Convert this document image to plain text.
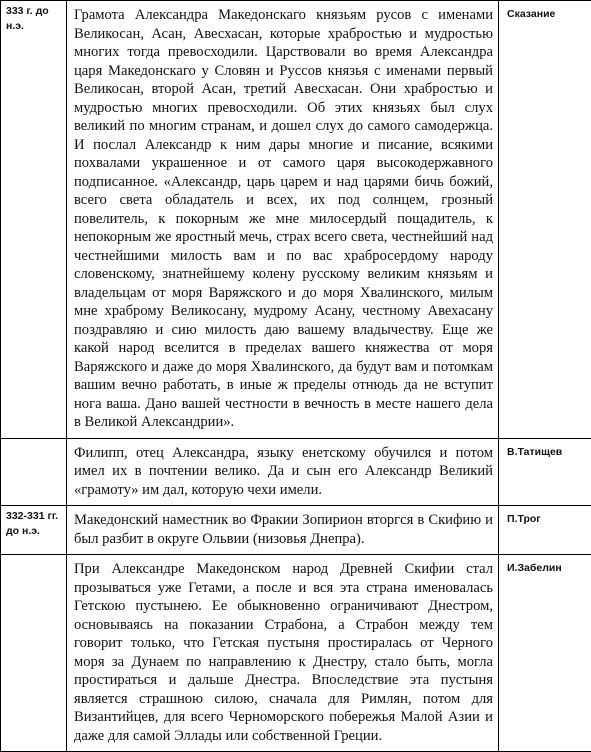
333 г. до н.э.	Грамота Александра Македонскаго князьям русов с именами Великосан, Асан, Авесхасан, которые храбростью и мудростью многих тогда превосходили. Царствовали во время Александра царя Македонскаго у Словян и Руссов князья с именами первый Великосан, второй Асан, третий Авесхасан. Они храбростью и мудростью многих превосходили. Об этих князьях был слух великий по многим странам, и дошел слух до самого самодержца. И послал Александр к ним дары многие и писание, всякими похвалами украшенное и от самого царя высокодержавного подписанное. «Александр, царь царем и над царями бичь божий, всего света обладатель и всех, их под солнцем, грозный повелитель, к покорным же мне милосердый пощадитель, к непокорным же яростный мечь, страх всего света, честнейший над честнейшими милость вам и по вас храбросердому народу словенскому, знатнейшему колену русскому великим князьям и владельцам от моря Варяжского и до моря Хвалинского, милым мне храброму Великосану, мудрому Асану, честному Авехасану поздравляю и сию милость даю вашему владычеству. Еще же какой народ вселится в пределах вашего княжества от моря Варяжского и даже до моря Хвалинского, да будут вам и потомкам вашим вечно работать, в иные ж пределы отнюдь да не вступит нога ваша. Дано вашей честности в вечность в месте нашего дела в Великой Александрии».	Сказание
	Филипп, отец Александра, языку енетскому обучился и потом имел их в почтении велико. Да и сын его Александр Великий «грамоту» им дал, которую чехи имели.	В.Татищев
332-331 гг. до н.э.	Македонский наместник во Фракии Зопирион вторгся в Скифию и был разбит в округе Ольвии (низовья Днепра).	П.Трог
	При Александре Македонском народ Древней Скифии стал прозываться уже Гетами, а после и вся эта страна именовалась Гетскою пустынею. Ее обыкновенно ограничивают Днестром, основываясь на показании Страбона, а Страбон между тем говорит только, что Гетская пустыня простиралась от Черного моря за Дунаем по направлению к Днестру, стало быть, могла простираться и дальше Днестра. Впоследствие эта пустыня является страшною силою, сначала для Римлян, потом для Византийцев, для всего Черноморского побережья Малой Азии и даже для самой Эллады или собственной Греции.	И.Забелин
